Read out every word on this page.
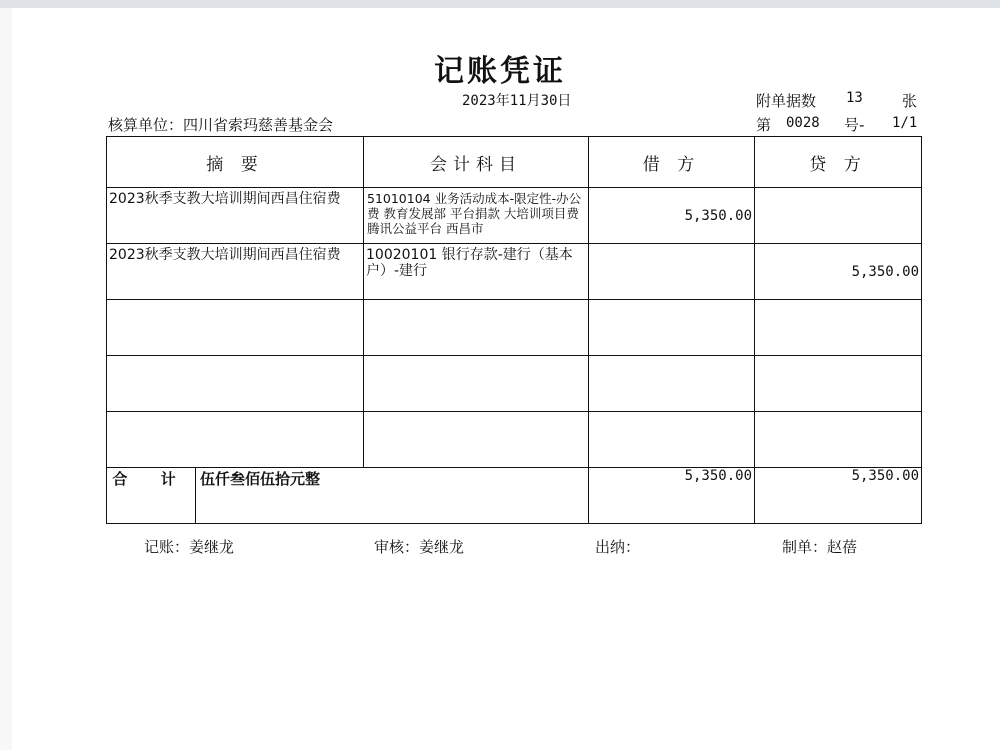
记账凭证
2023年11月30日
核算单位：四川省索玛慈善基金会
附单据数 13	张
第 0028 号- 1/1
摘 要		会计科目	借 方	贷 方

2023秋季支教大培训期间西昌住宿费		51010104 业务活动成本-限定性-办公费 教育发展部 平台捐款 大培训项目费 腾讯公益平台 西昌市	5,350.00	

2023秋季支教大培训期间西昌住宿费		10020101 银行存款-建行（基本户）-建行		5,350.00

合 计	伍仟叁佰伍拾元整		5,350.00	5,350.00
记账：姜继龙	审核：姜继龙	出纳：	制单：赵蓓
